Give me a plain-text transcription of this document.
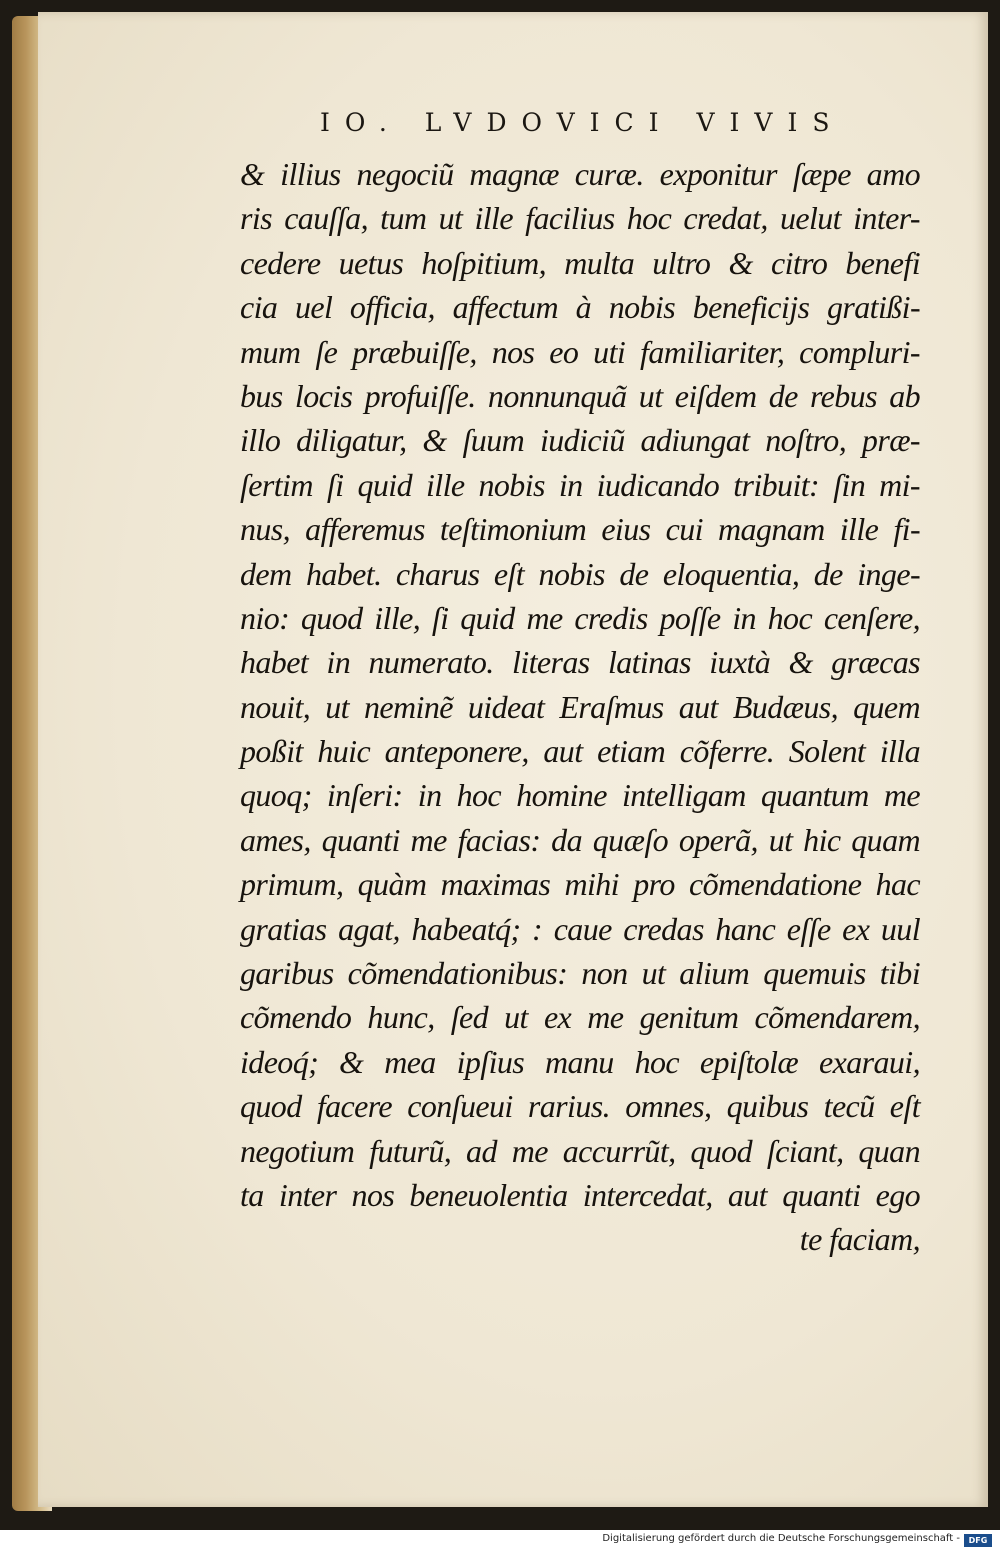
IO. LVDOVICI VIVIS
& illius negociũ magnæ curæ. exponitur ſæpe amo
ris cauſſa, tum ut ille facilius hoc credat, uelut inter-
cedere uetus hoſpitium, multa ultro & citro benefi
cia uel officia, affectum à nobis beneficijs gratißi-
mum ſe præbuiſſe, nos eo uti familiariter, compluri-
bus locis profuiſſe. nonnunquã ut eiſdem de rebus ab
illo diligatur, & ſuum iudiciũ adiungat noſtro, præ-
ſertim ſi quid ille nobis in iudicando tribuit: ſin mi-
nus, afferemus teſtimonium eius cui magnam ille fi-
dem habet. charus eſt nobis de eloquentia, de inge-
nio: quod ille, ſi quid me credis poſſe in hoc cenſere,
habet in numerato. literas latinas iuxtà & græcas
nouit, ut neminẽ uideat Eraſmus aut Budæus, quem
poßit huic anteponere, aut etiam cõferre. Solent illa
quoq; inſeri: in hoc homine intelligam quantum me
ames, quanti me facias: da quæſo operã, ut hic quam
primum, quàm maximas mihi pro cõmendatione hac
gratias agat, habeatq́; : caue credas hanc eſſe ex uul
garibus cõmendationibus: non ut alium quemuis tibi
cõmendo hunc, ſed ut ex me genitum cõmendarem,
ideoq́; & mea ipſius manu hoc epiſtolæ exaraui,
quod facere conſueui rarius. omnes, quibus tecũ eſt
negotium futurũ, ad me accurrũt, quod ſciant, quan
ta inter nos beneuolentia intercedat, aut quanti ego
te faciam,
Digitalisierung gefördert durch die Deutsche Forschungsgemeinschaft -	DFG
